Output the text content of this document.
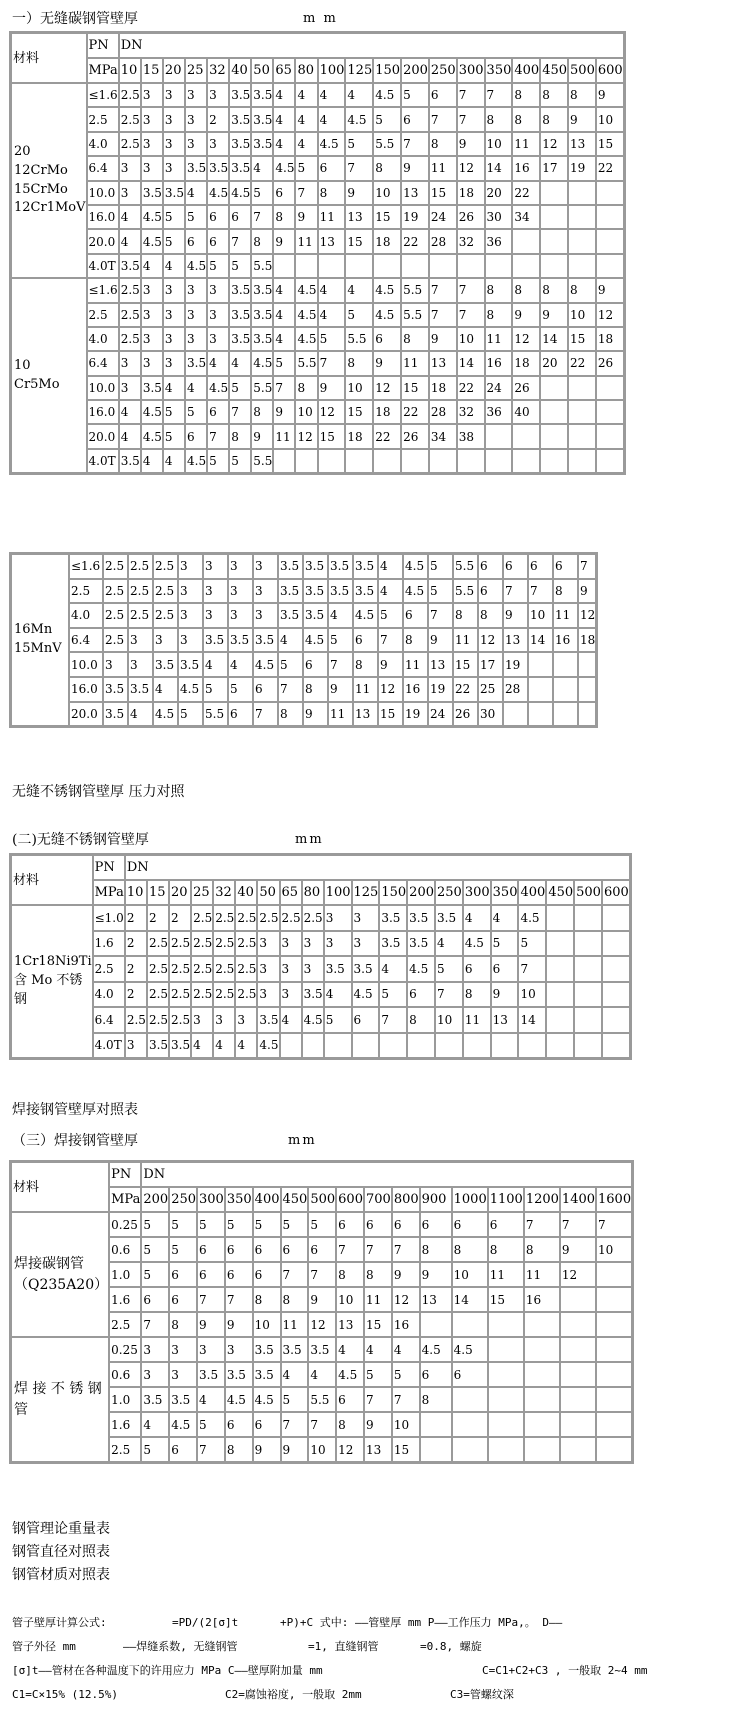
一）无缝碳钢管壁厚	m m
材料	PN	DN																			
	MPa	10	15	20	25	32	40	50	65	80	100	125	150	200	250	300	350	400	450	500	600
20
12CrMo
15CrMo
12Cr1MoV	≤1.6	2.5	3	3	3	3	3.5	3.5	4	4	4	4	4.5	5	6	7	7	8	8	8	9
	2.5	2.5	3	3	3	2	3.5	3.5	4	4	4	4.5	5	6	7	7	8	8	8	9	10
	4.0	2.5	3	3	3	3	3.5	3.5	4	4	4.5	5	5.5	7	8	9	10	11	12	13	15
	6.4	3	3	3	3.5	3.5	3.5	4	4.5	5	6	7	8	9	11	12	14	16	17	19	22
	10.0	3	3.5	3.5	4	4.5	4.5	5	6	7	8	9	10	13	15	18	20	22			
	16.0	4	4.5	5	5	6	6	7	8	9	11	13	15	19	24	26	30	34			
	20.0	4	4.5	5	6	6	7	8	9	11	13	15	18	22	28	32	36				
	4.0T	3.5	4	4	4.5	5	5	5.5													
10
Cr5Mo	≤1.6	2.5	3	3	3	3	3.5	3.5	4	4.5	4	4	4.5	5.5	7	7	8	8	8	8	9
	2.5	2.5	3	3	3	3	3.5	3.5	4	4.5	4	5	4.5	5.5	7	7	8	9	9	10	12
	4.0	2.5	3	3	3	3	3.5	3.5	4	4.5	5	5.5	6	8	9	10	11	12	14	15	18
	6.4	3	3	3	3.5	4	4	4.5	5	5.5	7	8	9	11	13	14	16	18	20	22	26
	10.0	3	3.5	4	4	4.5	5	5.5	7	8	9	10	12	15	18	22	24	26			
	16.0	4	4.5	5	5	6	7	8	9	10	12	15	18	22	28	32	36	40			
	20.0	4	4.5	5	6	7	8	9	11	12	15	18	22	26	34	38					
	4.0T	3.5	4	4	4.5	5	5	5.5													
16Mn
15MnV	≤1.6	2.5	2.5	2.5	3	3	3	3	3.5	3.5	3.5	3.5	4	4.5	5	5.5	6	6	6	6	7
	2.5	2.5	2.5	2.5	3	3	3	3	3.5	3.5	3.5	3.5	4	4.5	5	5.5	6	7	7	8	9
	4.0	2.5	2.5	2.5	3	3	3	3	3.5	3.5	4	4.5	5	6	7	8	8	9	10	11	12
	6.4	2.5	3	3	3	3.5	3.5	3.5	4	4.5	5	6	7	8	9	11	12	13	14	16	18
	10.0	3	3	3.5	3.5	4	4	4.5	5	6	7	8	9	11	13	15	17	19			
	16.0	3.5	3.5	4	4.5	5	5	6	7	8	9	11	12	16	19	22	25	28			
	20.0	3.5	4	4.5	5	5.5	6	7	8	9	11	13	15	19	24	26	30				
无缝不锈钢管壁厚 压力对照
(二)无缝不锈钢管壁厚	mm
材料	PN	DN																			
	MPa	10	15	20	25	32	40	50	65	80	100	125	150	200	250	300	350	400	450	500	600
1Cr18Ni9Ti 含 Mo 不锈钢	≤1.0	2	2	2	2.5	2.5	2.5	2.5	2.5	2.5	3	3	3.5	3.5	3.5	4	4	4.5			
	1.6	2	2.5	2.5	2.5	2.5	2.5	3	3	3	3	3	3.5	3.5	4	4.5	5	5			
	2.5	2	2.5	2.5	2.5	2.5	2.5	3	3	3	3.5	3.5	4	4.5	5	6	6	7			
	4.0	2	2.5	2.5	2.5	2.5	2.5	3	3	3.5	4	4.5	5	6	7	8	9	10			
	6.4	2.5	2.5	2.5	3	3	3	3.5	4	4.5	5	6	7	8	10	11	13	14			
	4.0T	3	3.5	3.5	4	4	4	4.5													
焊接钢管壁厚对照表
（三）焊接钢管壁厚	mm
材料	PN	DN															
	MPa	200	250	300	350	400	450	500	600	700	800	900	1000	1100	1200	1400	1600
焊接碳钢管（Q235A20）	0.25	5	5	5	5	5	5	5	6	6	6	6	6	6	7	7	7
	0.6	5	5	6	6	6	6	6	7	7	7	8	8	8	8	9	10
	1.0	5	6	6	6	6	7	7	8	8	9	9	10	11	11	12	
	1.6	6	6	7	7	8	8	9	10	11	12	13	14	15	16		
	2.5	7	8	9	9	10	11	12	13	15	16						
焊 接 不 锈 钢 管	0.25	3	3	3	3	3.5	3.5	3.5	4	4	4	4.5	4.5				
	0.6	3	3	3.5	3.5	3.5	4	4	4.5	5	5	6	6				
	1.0	3.5	3.5	4	4.5	4.5	5	5.5	6	7	7	8					
	1.6	4	4.5	5	6	6	7	7	8	9	10						
	2.5	5	6	7	8	9	9	10	12	13	15						
钢管理论重量表
钢管直径对照表
钢管材质对照表
管子壁厚计算公式:	=PD/(2[σ]t	+P)+C 式中: ——管壁厚 mm P——工作压力 MPa,。 D——
管子外径 mm	——焊缝系数, 无缝钢管	=1, 直缝钢管	=0.8, 螺旋
[σ]t——管材在各种温度下的许用应力 MPa C——壁厚附加量 mm	C=C1+C2+C3 , 一般取 2~4 mm
C1=C×15% (12.5%)	C2=腐蚀裕度, 一般取 2mm	C3=管螺纹深
